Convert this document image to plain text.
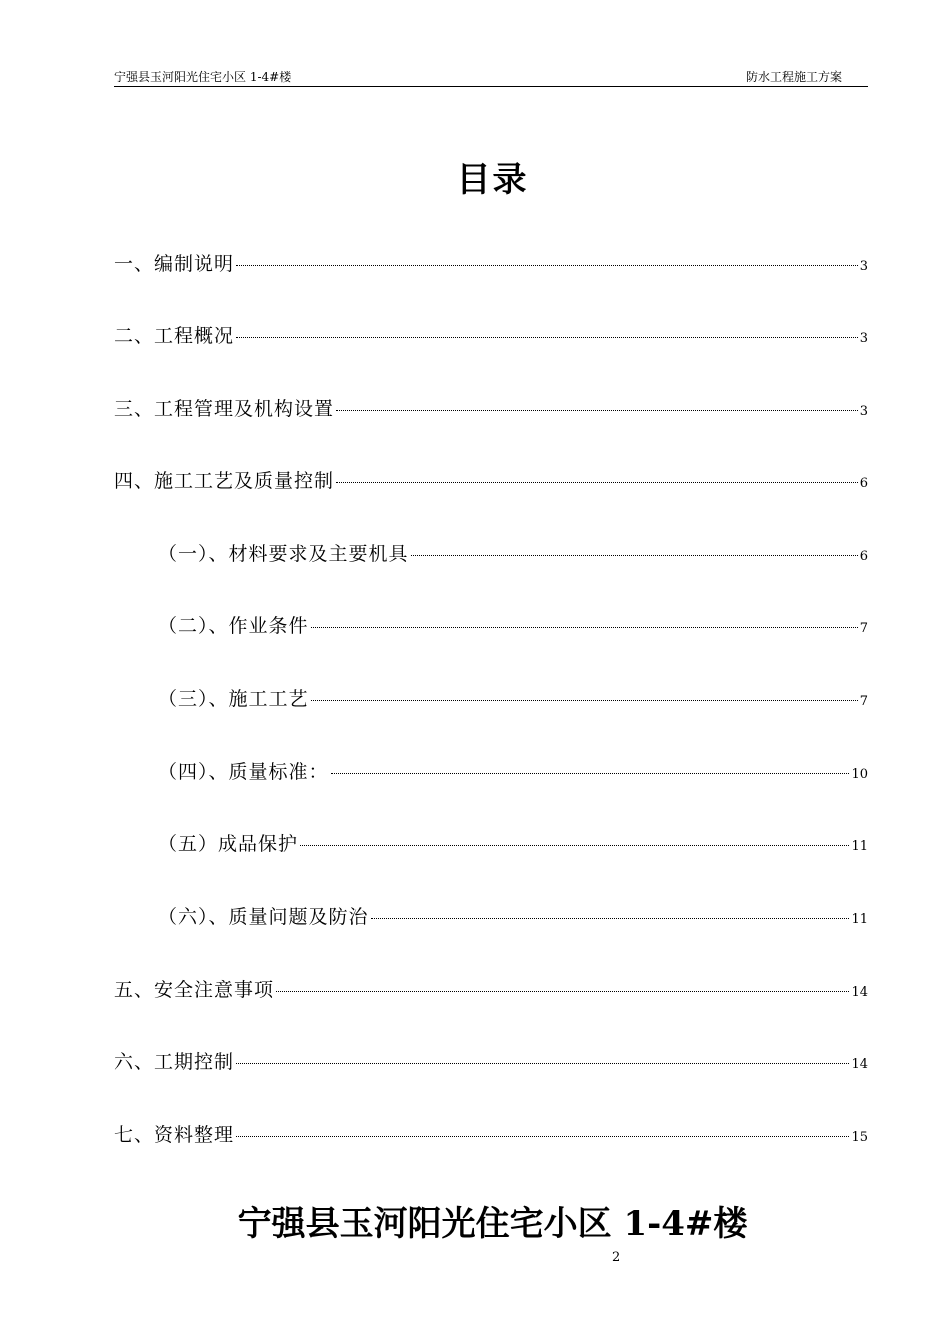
宁强县玉河阳光住宅小区 1-4#楼	防水工程施工方案
目录
一、编制说明	3
二、工程概况	3
三、工程管理及机构设置	3
四、施工工艺及质量控制	6
（一）、材料要求及主要机具	6
（二）、作业条件	7
（三）、施工工艺	7
（四）、质量标准：	10
（五）成品保护	11
（六）、质量问题及防治	11
五、安全注意事项	14
六、工期控制	14
七、资料整理	15
宁强县玉河阳光住宅小区 1-4#楼
2
